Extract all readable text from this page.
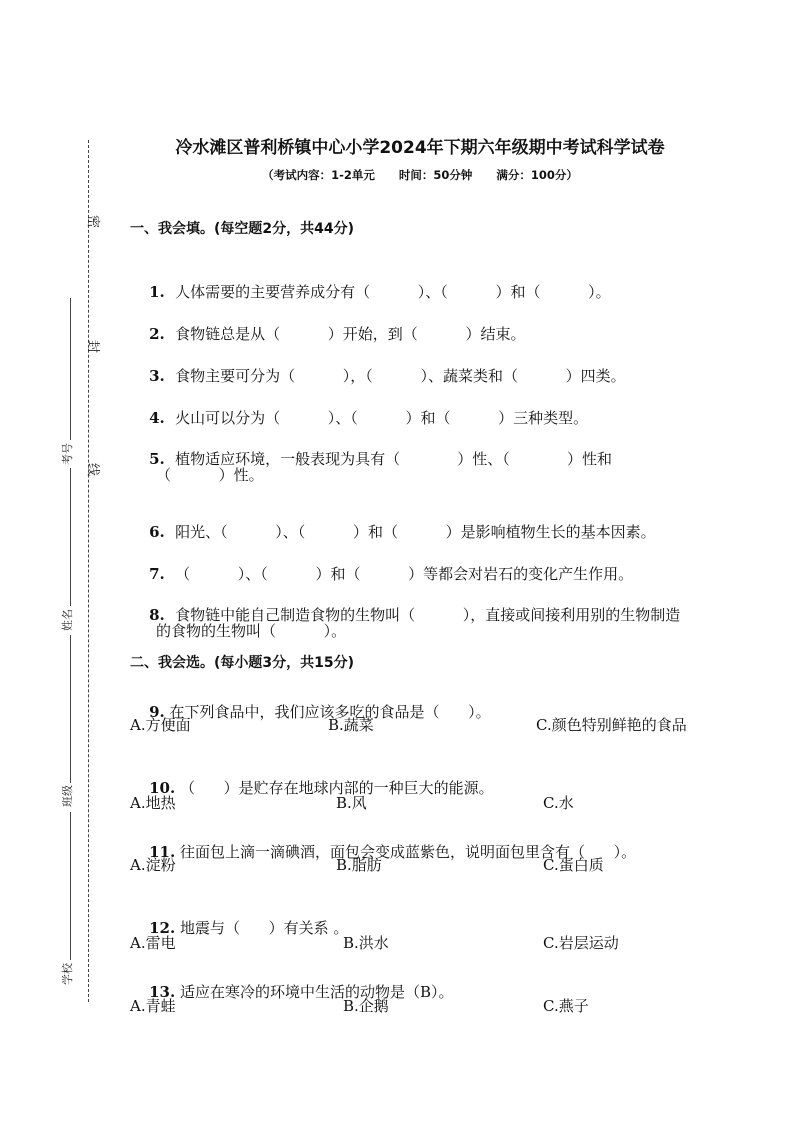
密
封
线
考号
姓名
班级
学校
冷水滩区普利桥镇中心小学2024年下期六年级期中考试科学试卷
（考试内容：1-2单元      时间：50分钟      满分：100分）
一、我会填。(每空题2分，共44分)

1. 人体需要的主要营养成分有（          ）、（          ）和（          ）。

2. 食物链总是从（          ）开始，到（          ）结束。

3. 食物主要可分为（          ），（          ）、蔬菜类和（          ）四类。

4. 火山可以分为（          ）、（          ）和（          ）三种类型。

5. 植物适应环境，一般表现为具有（            ）性、（            ）性和

（          ）性。

6. 阳光、（          ）、（          ）和（          ）是影响植物生长的基本因素。

7. （          ）、（          ）和（          ）等都会对岩石的变化产生作用。

8. 食物链中能自己制造食物的生物叫（          ），直接或间接利用别的生物制造

的食物的生物叫（          ）。
二、我会选。(每小题3分，共15分)

9. 在下列食品中，我们应该多吃的食品是（      ）。

A.方便面	B.蔬菜	C.颜色特别鲜艳的食品

10. （      ）是贮存在地球内部的一种巨大的能源。

A.地热	B.风	C.水

11. 往面包上滴一滴碘酒，面包会变成蓝紫色，说明面包里含有（      ）。

A.淀粉	B.脂肪	C.蛋白质

12. 地震与（      ）有关系 。

A.雷电	B.洪水	C.岩层运动

13. 适应在寒冷的环境中生活的动物是（B）。

A.青蛙	B.企鹅	C.燕子
